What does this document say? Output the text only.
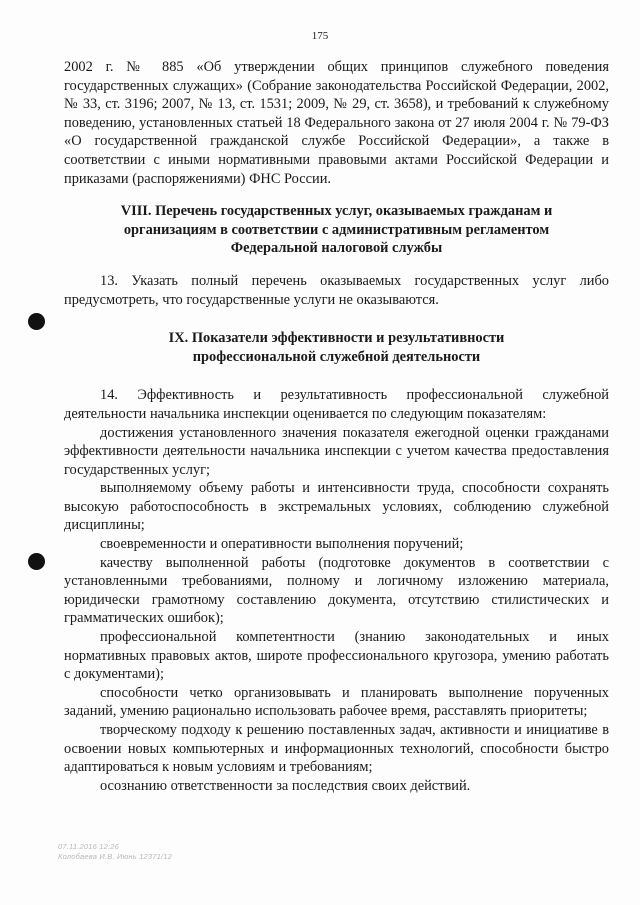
175

2002 г. № 885 «Об утверждении общих принципов служебного поведения государственных служащих» (Собрание законодательства Российской Федерации, 2002, № 33, ст. 3196; 2007, № 13, ст. 1531; 2009, № 29, ст. 3658), и требований к служебному поведению, установленных статьей 18 Федерального закона от 27 июля 2004 г. № 79-ФЗ «О государственной гражданской службе Российской Федерации», а также в соответствии с иными нормативными правовыми актами Российской Федерации и приказами (распоряжениями) ФНС России.

VIII. Перечень государственных услуг, оказываемых гражданам и

организациям в соответствии с административным регламентом

Федеральной налоговой службы

13. Указать полный перечень оказываемых государственных услуг либо предусмотреть, что государственные услуги не оказываются.

IX. Показатели эффективности и результативности

профессиональной служебной деятельности

14. Эффективность и результативность профессиональной служебной деятельности начальника инспекции оценивается по следующим показателям:

достижения установленного значения показателя ежегодной оценки гражданами эффективности деятельности начальника инспекции с учетом качества предоставления государственных услуг;

выполняемому объему работы и интенсивности труда, способности сохранять высокую работоспособность в экстремальных условиях, соблюдению служебной дисциплины;

своевременности и оперативности выполнения поручений;

качеству выполненной работы (подготовке документов в соответствии с установленными требованиями, полному и логичному изложению материала, юридически грамотному составлению документа, отсутствию стилистических и грамматических ошибок);

профессиональной компетентности (знанию законодательных и иных нормативных правовых актов, широте профессионального кругозора, умению работать с документами);

способности четко организовывать и планировать выполнение порученных заданий, умению рационально использовать рабочее время, расставлять приоритеты;

творческому подходу к решению поставленных задач, активности и инициативе в освоении новых компьютерных и информационных технологий, способности быстро адаптироваться к новым условиям и требованиям;

осознанию ответственности за последствия своих действий.

07.11.2016 12:26
Колобаева И.В. Июнь 12371/12
